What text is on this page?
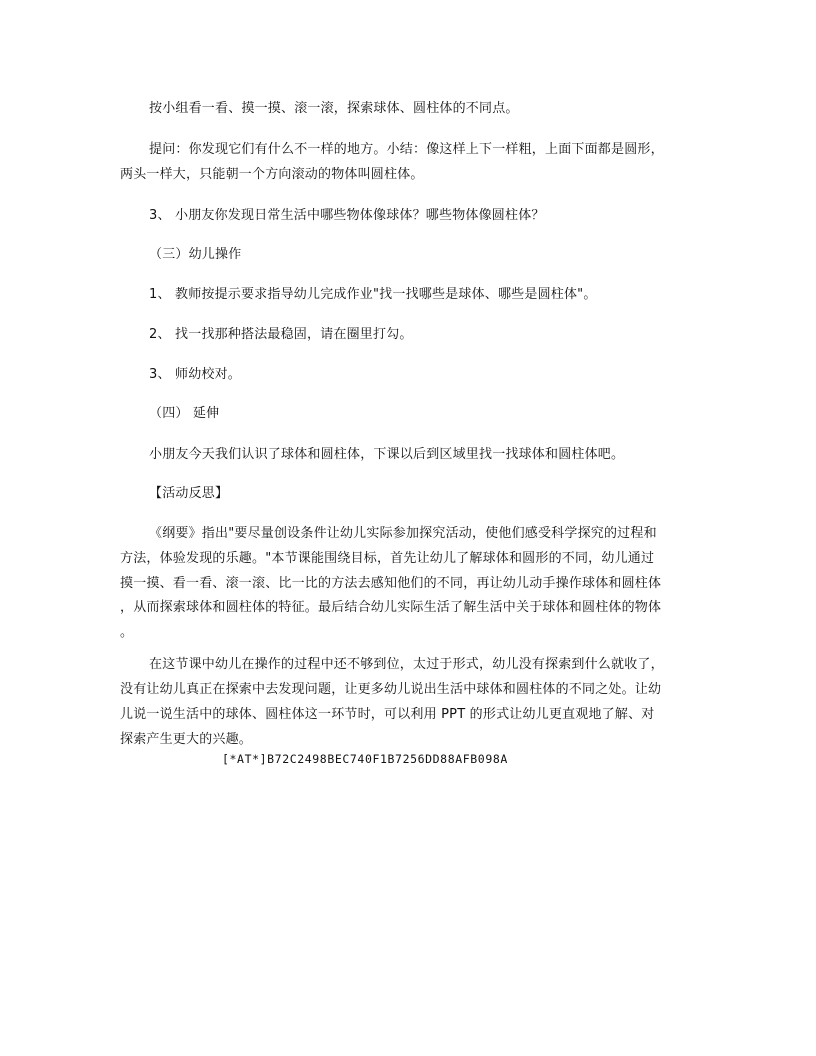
按小组看一看、摸一摸、滚一滚，探索球体、圆柱体的不同点。
提问：你发现它们有什么不一样的地方。小结：像这样上下一样粗，上面下面都是圆形，
两头一样大，只能朝一个方向滚动的物体叫圆柱体。
3、 小朋友你发现日常生活中哪些物体像球体？哪些物体像圆柱体？
（三）幼儿操作
1、 教师按提示要求指导幼儿完成作业"找一找哪些是球体、哪些是圆柱体"。
2、 找一找那种搭法最稳固，请在圈里打勾。
3、 师幼校对。
（四） 延伸
小朋友今天我们认识了球体和圆柱体，下课以后到区域里找一找球体和圆柱体吧。
【活动反思】
《纲要》指出"要尽量创设条件让幼儿实际参加探究活动，使他们感受科学探究的过程和
方法，体验发现的乐趣。"本节课能围绕目标，首先让幼儿了解球体和圆形的不同，幼儿通过
摸一摸、看一看、滚一滚、比一比的方法去感知他们的不同，再让幼儿动手操作球体和圆柱体
，从而探索球体和圆柱体的特征。最后结合幼儿实际生活了解生活中关于球体和圆柱体的物体
。
在这节课中幼儿在操作的过程中还不够到位，太过于形式，幼儿没有探索到什么就收了，
没有让幼儿真正在探索中去发现问题，让更多幼儿说出生活中球体和圆柱体的不同之处。让幼
儿说一说生活中的球体、圆柱体这一环节时，可以利用 PPT 的形式让幼儿更直观地了解、对
探索产生更大的兴趣。
[*AT*]B72C2498BEC740F1B7256DD88AFB098A
